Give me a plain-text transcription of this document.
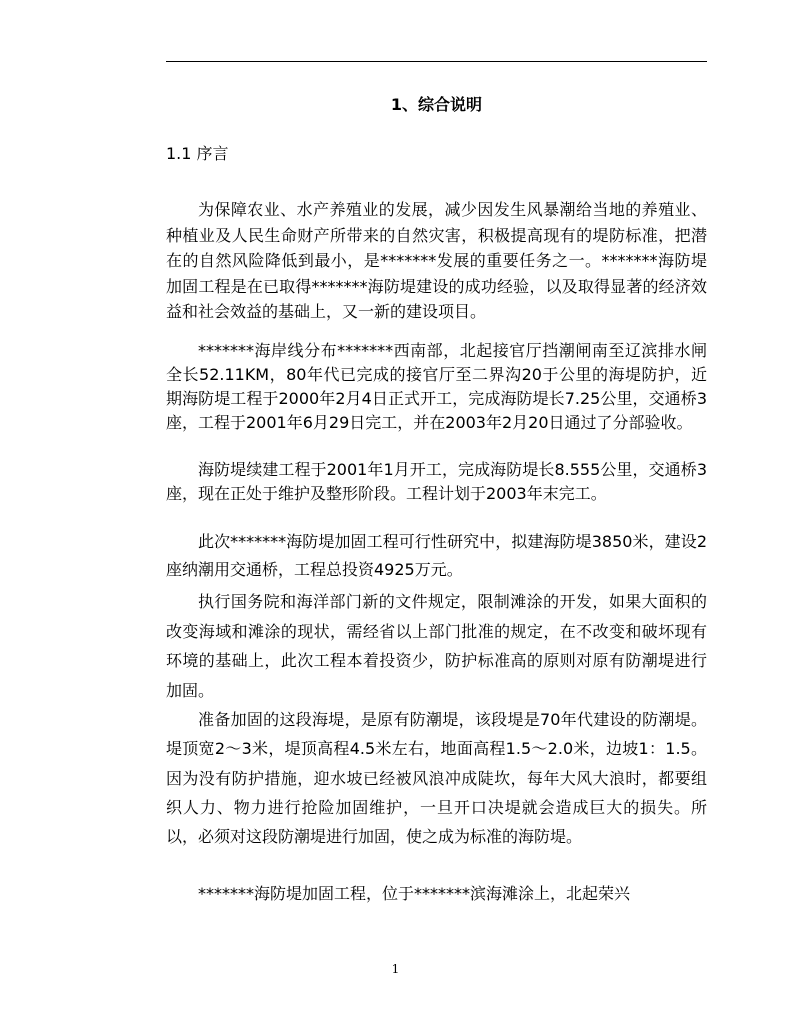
1、综合说明
1.1 序言

为保障农业、水产养殖业的发展，减少因发生风暴潮给当地的养殖业、种植业及人民生命财产所带来的自然灾害，积极提高现有的堤防标准，把潜在的自然风险降低到最小，是*******发展的重要任务之一。*******海防堤加固工程是在已取得*******海防堤建设的成功经验，以及取得显著的经济效益和社会效益的基础上，又一新的建设项目。

*******海岸线分布*******西南部，北起接官厅挡潮闸南至辽滨排水闸全长52.11KM，80年代已完成的接官厅至二界沟20于公里的海堤防护，近期海防堤工程于2000年2月4日正式开工，完成海防堤长7.25公里，交通桥3座，工程于2001年6月29日完工，并在2003年2月20日通过了分部验收。

海防堤续建工程于2001年1月开工，完成海防堤长8.555公里，交通桥3座，现在正处于维护及整形阶段。工程计划于2003年末完工。

此次*******海防堤加固工程可行性研究中，拟建海防堤3850米，建设2座纳潮用交通桥，工程总投资4925万元。

执行国务院和海洋部门新的文件规定，限制滩涂的开发，如果大面积的改变海域和滩涂的现状，需经省以上部门批准的规定，在不改变和破坏现有环境的基础上，此次工程本着投资少，防护标准高的原则对原有防潮堤进行加固。

准备加固的这段海堤，是原有防潮堤，该段堤是70年代建设的防潮堤。堤顶宽2～3米，堤顶高程4.5米左右，地面高程1.5～2.0米，边坡1：1.5。因为没有防护措施，迎水坡已经被风浪冲成陡坎，每年大风大浪时，都要组织人力、物力进行抢险加固维护，一旦开口决堤就会造成巨大的损失。所以，必须对这段防潮堤进行加固，使之成为标准的海防堤。

*******海防堤加固工程，位于*******滨海滩涂上，北起荣兴

1
